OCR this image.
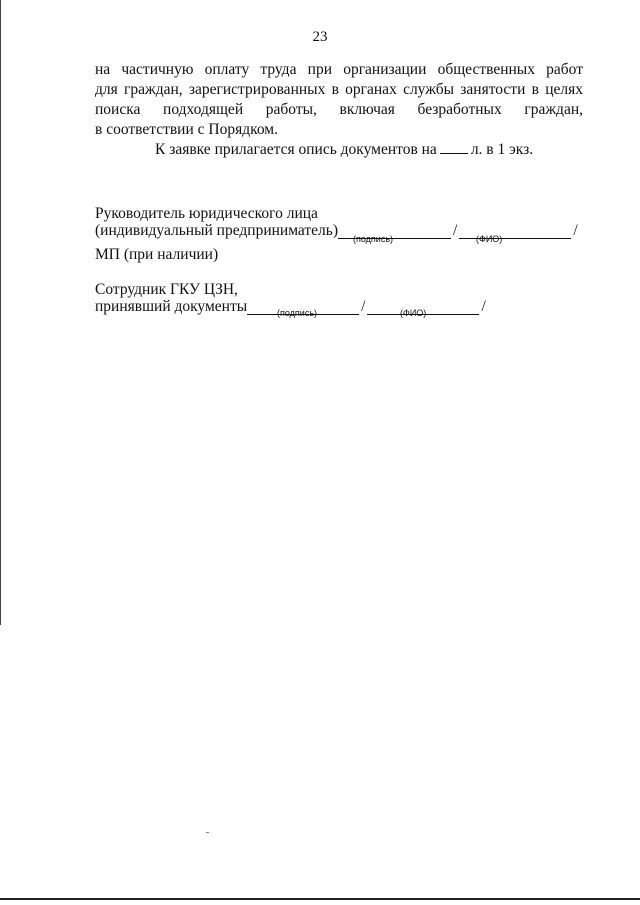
23
на частичную оплату труда при организации общественных работ
для граждан, зарегистрированных в органах службы занятости в целях
поиска подходящей работы, включая безработных граждан,
в соответствии с Порядком.
К заявке прилагается опись документов на л. в 1 экз.
Руководитель юридического лица
(индивидуальный предприниматель)	/	/
(подпись)	(ФИО)
МП (при наличии)
Сотрудник ГКУ ЦЗН,
принявший документы	/	/
(подпись)	(ФИО)
